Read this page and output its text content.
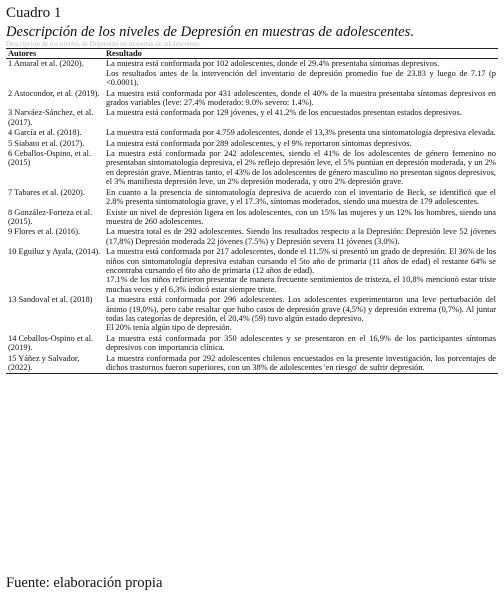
Cuadro 1
Descripción de los niveles de Depresión en muestras de adolescentes.
Descripción de los niveles de Depresión en muestras de adolescentes.
Autores	Resultado
1 Amaral et al. (2020).	La muestra está conformada por 102 adolescentes, donde el 29.4% presentaba síntomas depresivos.

Los resultados antes de la intervención del inventario de depresión promedio fue de 23.83 y luego de 7.17 (p <0.0001).

2 Astocondor, et al. (2019).	La muestra está conformada por 431 adolescentes, donde el 40% de la muestra presentaba síntomas depresivos en grados variables (leve: 27.4% moderado: 9.0% severo: 1.4%).

3 Narváez-Sánchez, et al. (2017).	La muestra está conformada por 129 jóvenes, y el 41.2% de los encuestados presentan estados depresivos.

4 García et al. (2018).	La muestra está conformada por 4.759 adolescentes, donde el 13,3% presenta una sintomatología depresiva elevada.

5 Siabato et al. (2017).	La muestra está conformada por 289 adolescentes, y el 9% reportaron síntomas depresivos.

6 Ceballos-Ospino, et al. (2015)	La muestra está conformada por 242 adolescentes, siendo el 41% de los adolescentes de género femenino no presentaban sintomatología depresiva, el 2% reflejo depresión leve, el 5% puntúan en depresión moderada, y un 2% en depresión grave. Mientras tanto, el 43% de los adolescentes de género masculino no presentan signos depresivos, el 3% manifiesta depresión leve, un 2% depresión moderada, y otro 2% depresión grave.

7 Tabares et al. (2020).	En cuanto a la presencia de sintomatología depresiva de acuerdo con el inventario de Beck, se identificó que el 2.8% presenta sintomatología grave, y el 17.3%, síntomas moderados, siendo una muestra de 179 adolescentes.

8 González-Forteza et al. (2015).	Existe un nivel de depresión ligera en los adolescentes, con un 15% las mujeres y un 12% los hombres, siendo una muestra de 260 adolescentes.

9 Flores et al. (2016).	La muestra total es de 292 adolescentes. Siendo los resultados respecto a la Depresión: Depresión leve 52 jóvenes (17,8%) Depresión moderada 22 jóvenes (7.5%) y Depresión severa 11 jóvenes (3.0%).

10 Eguiluz y Ayala, (2014).	La muestra está conformada por 217 adolescentes, donde el 11.5% si presentó un grado de depresión. El 36% de los niños con sintomatología depresiva estaban cursando el 5to año de primaria (11 años de edad) el restante 64% se encontraba cursando el 6to año de primaria (12 años de edad).

17.1% de los niños refirieron presentar de manera frecuente sentimientos de tristeza, el 10,8% mencionó estar triste muchas veces y el 6,3% indicó estar siempre triste.

13 Sandoval et al. (2018)	La muestra está conformada por 296 adolescentes. Los adolescentes experimentaron una leve perturbación del ánimo (19,0%), pero cabe resaltar que hubo casos de depresión grave (4,5%) y depresión extrema (0,7%). Al juntar todas las categorías de depresión, el 20,4% (59) tuvo algún estado depresivo.

El 20% tenía algún tipo de depresión.

14 Ceballos-Ospino et al. (2019).	La muestra está conformada por 350 adolescentes y se presentaron en el 16,9% de los participantes síntomas depresivos con importancia clínica.

15 Yáñez y Salvador, (2022).	La muestra conformada por 292 adolescentes chilenos encuestados en la presente investigación, los porcentajes de dichos trastornos fueron superiores, con un 38% de adolescentes 'en riesgo' de sufrir depresión.

Fuente: elaboración propia
